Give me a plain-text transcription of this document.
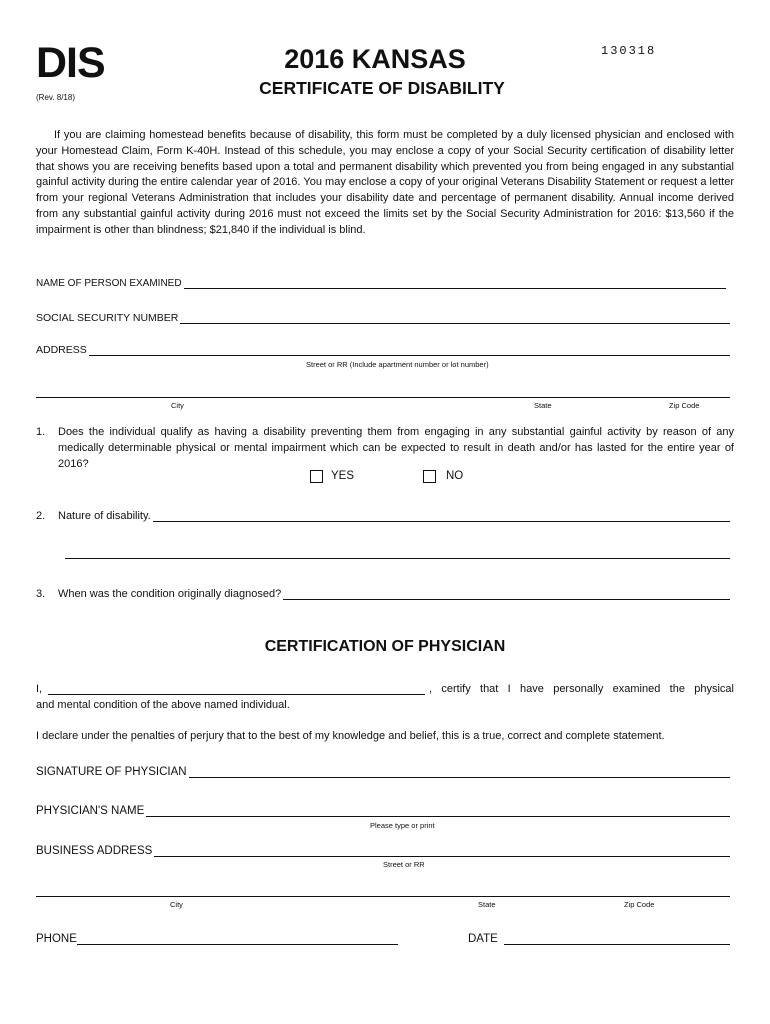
DIS
(Rev. 8/18)
2016 KANSAS
CERTIFICATE OF DISABILITY
130318

If you are claiming homestead benefits because of disability, this form must be completed by a duly licensed physician and enclosed with your Homestead Claim, Form K-40H. Instead of this schedule, you may enclose a copy of your Social Security certification of disability letter that shows you are receiving benefits based upon a total and permanent disability which prevented you from being engaged in any substantial gainful activity during the entire calendar year of 2016. You may enclose a copy of your original Veterans Disability Statement or request a letter from your regional Veterans Administration that includes your disability date and percentage of permanent disability. Annual income derived from any substantial gainful activity during 2016 must not exceed the limits set by the Social Security Administration for 2016: $13,560 if the impairment is other than blindness; $21,840 if the individual is blind.

NAME OF PERSON EXAMINED
SOCIAL SECURITY NUMBER
ADDRESS
Street or RR (Include apartment number or lot number)
City	State	Zip Code
1.	Does the individual qualify as having a disability preventing them from engaging in any substantial gainful activity by reason of any medically determinable physical or mental impairment which can be expected to result in death and/or has lasted for the entire year of 2016?
YES	NO
2.	Nature of disability.
3.	When was the condition originally diagnosed?
CERTIFICATION OF PHYSICIAN
I,	, certify that I have personally examined the physical

and mental condition of the above named individual.

I declare under the penalties of perjury that to the best of my knowledge and belief, this is a true, correct and complete statement.

SIGNATURE OF PHYSICIAN
PHYSICIAN'S NAME
Please type or print
BUSINESS ADDRESS
Street or RR
City	State	Zip Code
PHONE	DATE
